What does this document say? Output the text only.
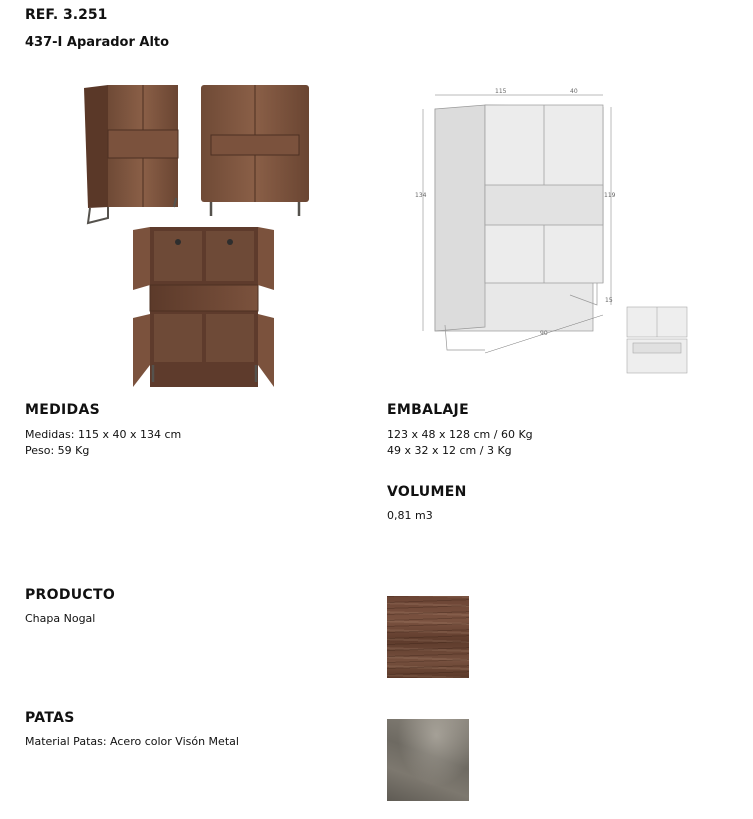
REF. 3.251
437-I Aparador Alto
115	40
134	119
15
90
MEDIDAS
Medidas: 115 x 40 x 134 cm
Peso: 59 Kg
EMBALAJE
123 x 48 x 128 cm / 60 Kg
49 x 32 x 12 cm / 3 Kg
VOLUMEN
0,81 m3
PRODUCTO
Chapa Nogal
PATAS
Material Patas: Acero color Visón Metal
